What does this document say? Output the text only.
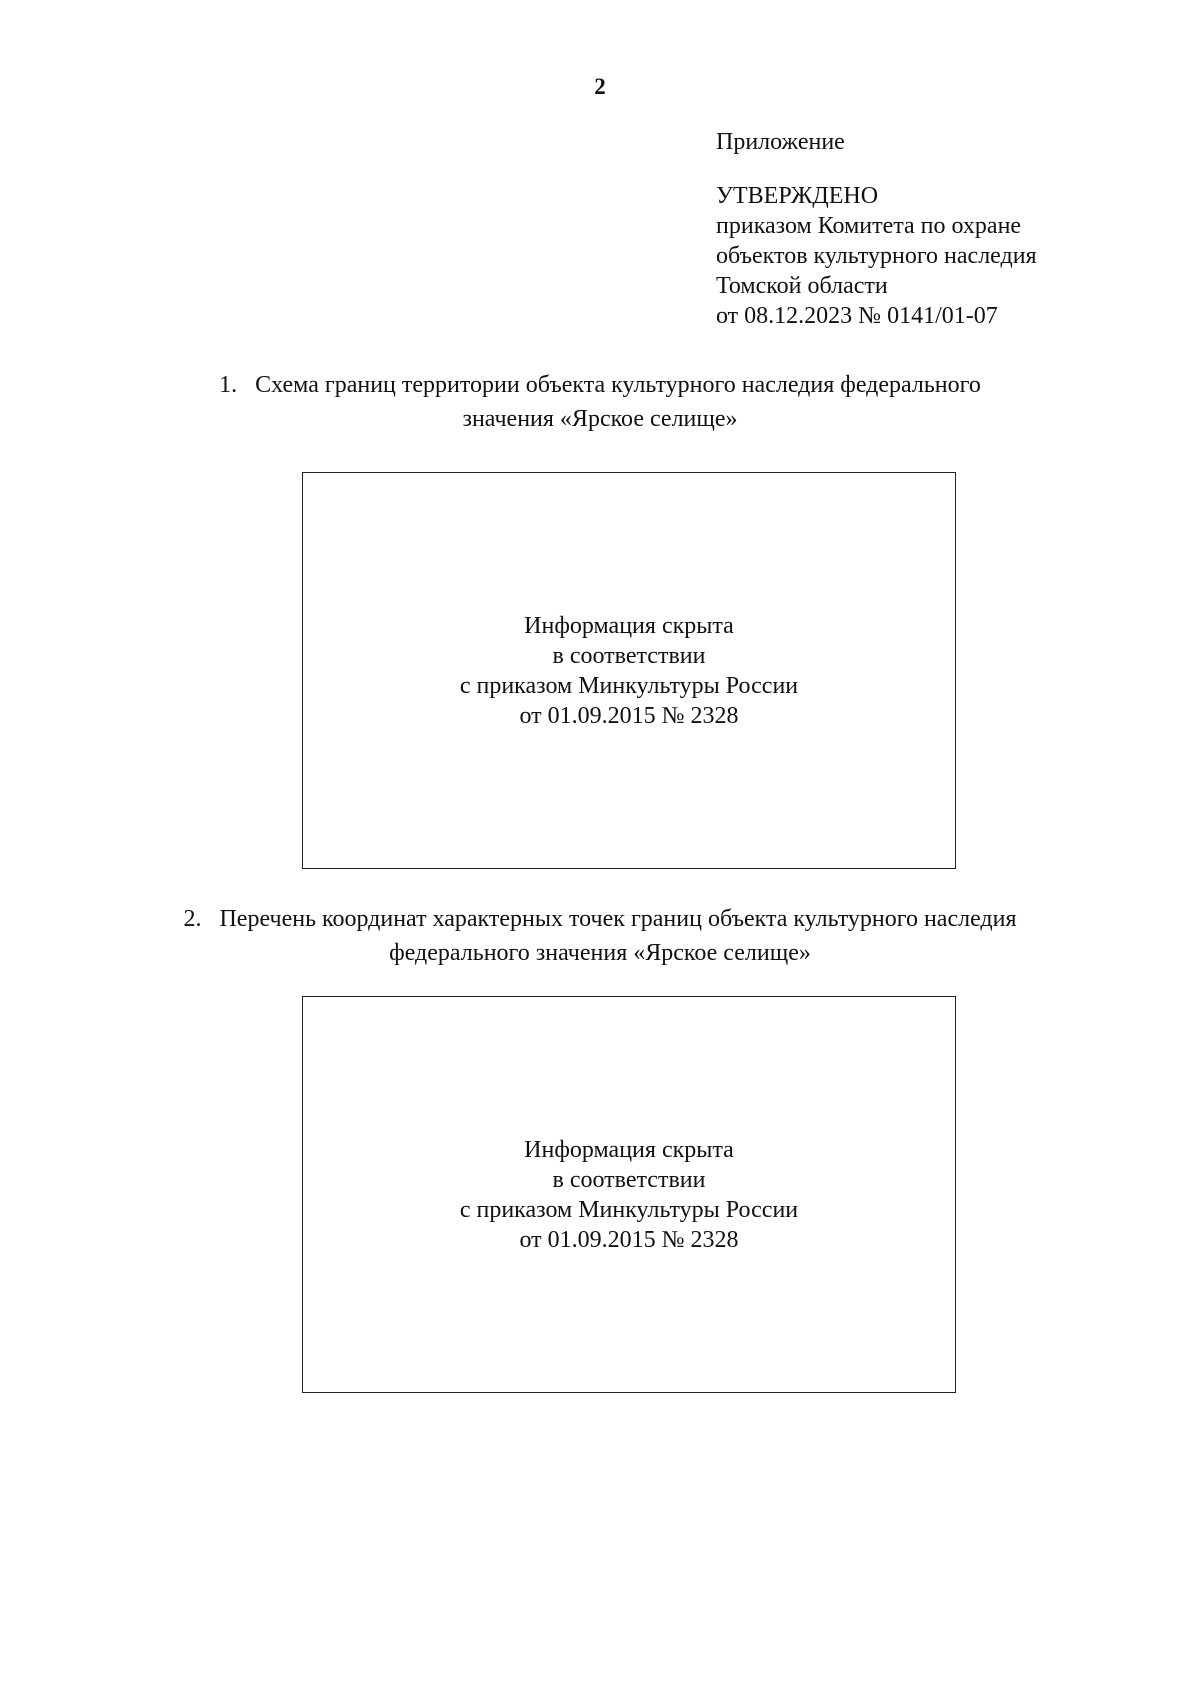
2
Приложение
УТВЕРЖДЕНО
приказом Комитета по охране
объектов культурного наследия
Томской области
от 08.12.2023 № 0141/01-07
1.   Схема границ территории объекта культурного наследия федерального
значения «Ярское селище»
Информация скрыта
в соответствии
с приказом Минкультуры России
от 01.09.2015 № 2328
2.   Перечень координат характерных точек границ объекта культурного наследия
федерального значения «Ярское селище»
Информация скрыта
в соответствии
с приказом Минкультуры России
от 01.09.2015 № 2328
